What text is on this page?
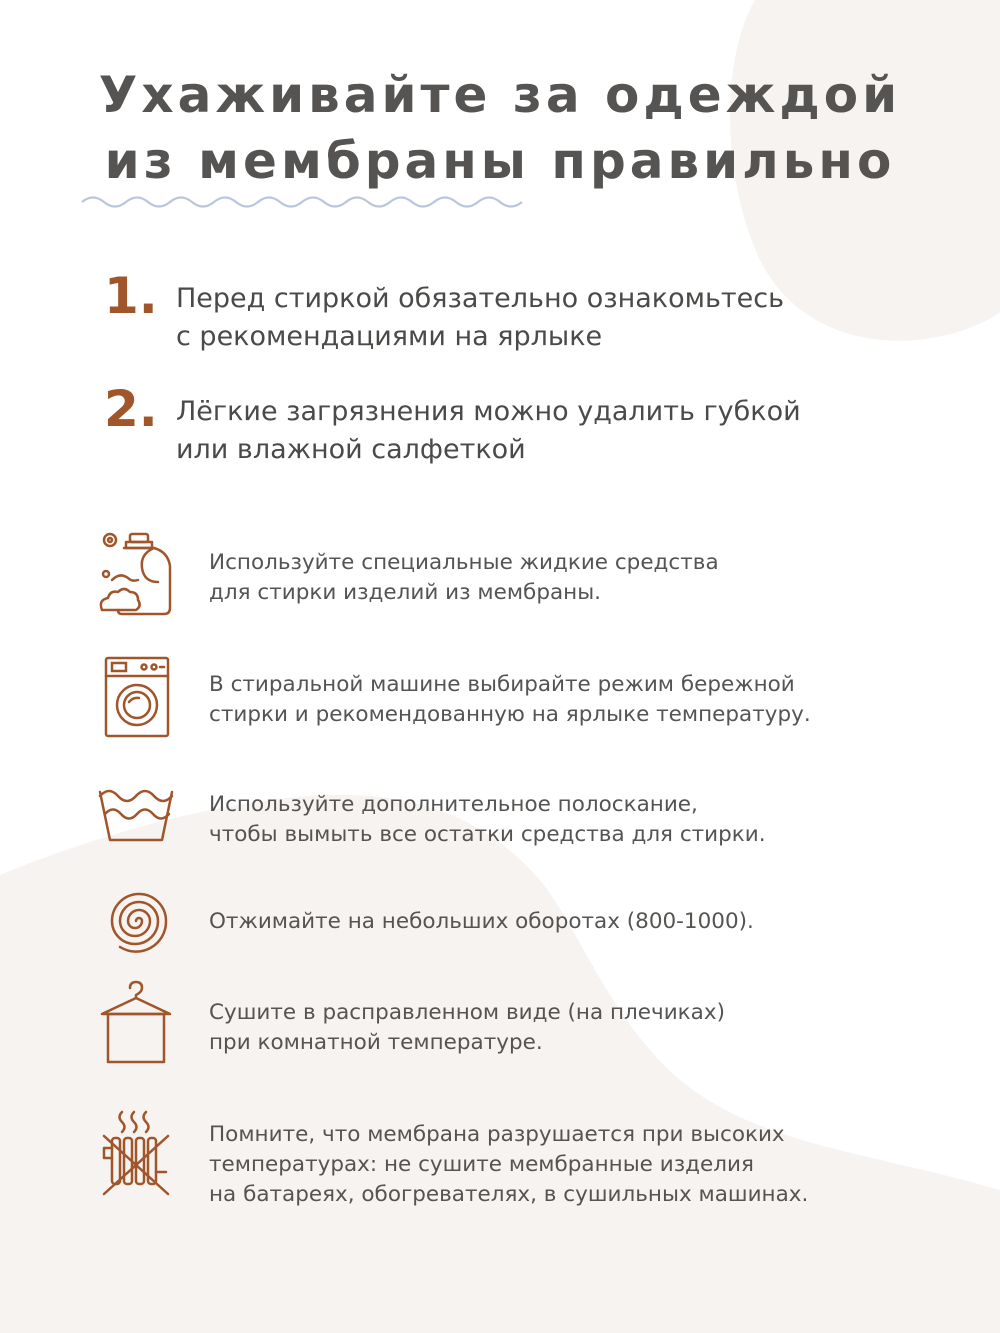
Ухаживайте за одеждой
из мембраны правильно

1. Перед стиркой обязательно ознакомьтесь
с рекомендациями на ярлыке

2. Лёгкие загрязнения можно удалить губкой
или влажной салфеткой

Используйте специальные жидкие средства
для стирки изделий из мембраны.

В стиральной машине выбирайте режим бережной
стирки и рекомендованную на ярлыке температуру.

Используйте дополнительное полоскание,
чтобы вымыть все остатки средства для стирки.

Отжимайте на небольших оборотах (800-1000).

Сушите в расправленном виде (на плечиках)
при комнатной температуре.

Помните, что мембрана разрушается при высоких
температурах: не сушите мембранные изделия
на батареях, обогревателях, в сушильных машинах.
